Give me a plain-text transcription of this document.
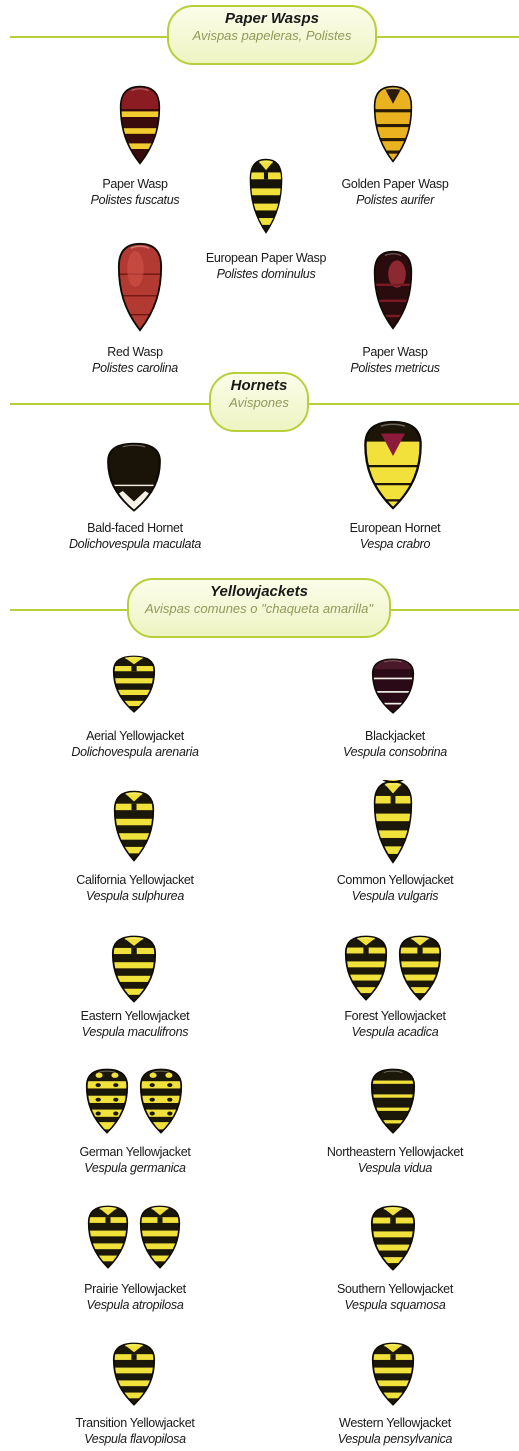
Paper Wasps
Avispas papeleras, Polistes
Hornets
Avispones
Yellowjackets
Avispas comunes o "chaqueta amarilla"
Paper Wasp
Polistes fuscatus
Golden Paper Wasp
Polistes aurifer
European Paper Wasp
Polistes dominulus
Red Wasp
Polistes carolina
Paper Wasp
Polistes metricus
Bald-faced Hornet
Dolichovespula maculata
European Hornet
Vespa crabro
Aerial Yellowjacket
Dolichovespula arenaria
Blackjacket
Vespula consobrina
California Yellowjacket
Vespula sulphurea
Common Yellowjacket
Vespula vulgaris
Eastern Yellowjacket
Vespula maculifrons
Forest Yellowjacket
Vespula acadica
German Yellowjacket
Vespula germanica
Northeastern Yellowjacket
Vespula vidua
Prairie Yellowjacket
Vespula atropilosa
Southern Yellowjacket
Vespula squamosa
Transition Yellowjacket
Vespula flavopilosa
Western Yellowjacket
Vespula pensylvanica
